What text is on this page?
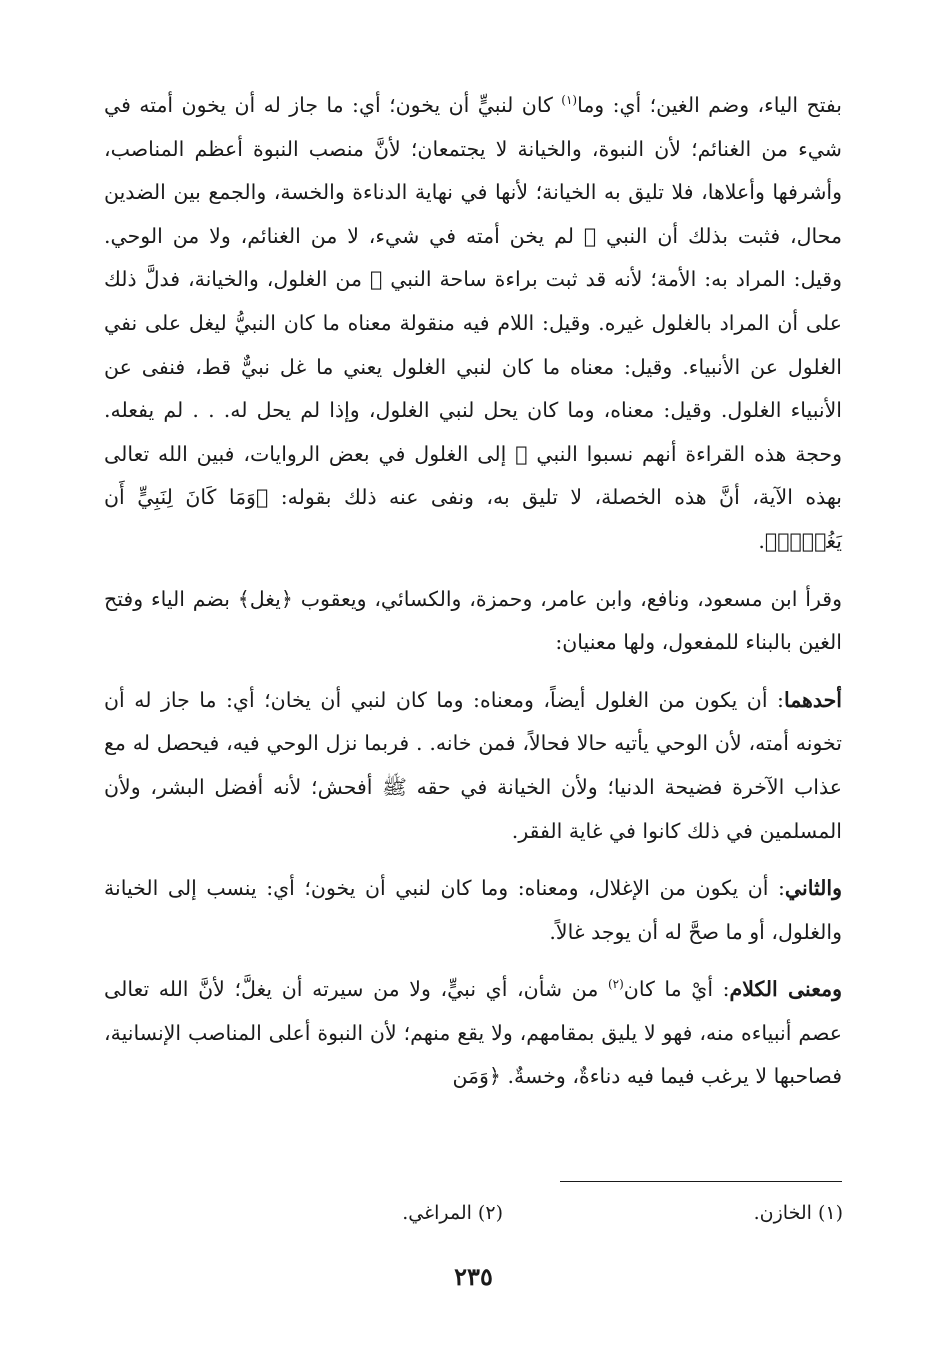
بفتح الياء، وضم الغين؛ أي: وما$^{(١)}$ كان لنبيٍّ أن يخون؛ أي: ما جاز له أن يخون أمته في شيء من الغنائم؛ لأن النبوة، والخيانة لا يجتمعان؛ لأنَّ منصب النبوة أعظم المناصب، وأشرفها وأعلاها، فلا تليق به الخيانة؛ لأنها في نهاية الدناءة والخسة، والجمع بين الضدين محال، فثبت بذلك أن النبي ﷺ لم يخن أمته في شيء، لا من الغنائم، ولا من الوحي. وقيل: المراد به: الأمة؛ لأنه قد ثبت براءة ساحة النبي ﷺ من الغلول، والخيانة، فدلَّ ذلك على أن المراد بالغلول غيره. وقيل: اللام فيه منقولة معناه ما كان النبيُّ ليغل على نفي الغلول عن الأنبياء. وقيل: معناه ما كان لنبي الغلول يعني ما غل نبيٌّ قط، فنفى عن الأنبياء الغلول. وقيل: معناه، وما كان يحل لنبي الغلول، وإذا لم يحل له. . . لم يفعله. وحجة هذه القراءة أنهم نسبوا النبي ﷺ إلى الغلول في بعض الروايات، فبين الله تعالى بهذه الآية، أنَّ هذه الخصلة، لا تليق به، ونفى عنه ذلك بقوله: ﴿وَمَا كَانَ لِنَبِيٍّ أَن يَغُلَّۚ﴾.

وقرأ ابن مسعود، ونافع، وابن عامر، وحمزة، والكسائي، ويعقوب ﴿يغل﴾ بضم الياء وفتح الغين بالبناء للمفعول، ولها معنيان:

أحدهما: أن يكون من الغلول أيضاً، ومعناه: وما كان لنبي أن يخان؛ أي: ما جاز له أن تخونه أمته، لأن الوحي يأتيه حالا فحالاً، فمن خانه. . فربما نزل الوحي فيه، فيحصل له مع عذاب الآخرة فضيحة الدنيا؛ ولأن الخيانة في حقه ﷺ أفحش؛ لأنه أفضل البشر، ولأن المسلمين في ذلك كانوا في غاية الفقر.

والثاني: أن يكون من الإغلال، ومعناه: وما كان لنبي أن يخون؛ أي: ينسب إلى الخيانة والغلول، أو ما صحَّ له أن يوجد غالاً.

ومعنى الكلام: أيْ ما كان$^{(٢)}$ من شأن، أي نبيٍّ، ولا من سيرته أن يغلَّ؛ لأنَّ الله تعالى عصم أنبياءه منه، فهو لا يليق بمقامهم، ولا يقع منهم؛ لأن النبوة أعلى المناصب الإنسانية، فصاحبها لا يرغب فيما فيه دناءةٌ، وخسةٌ. ﴿وَمَن

(١) الخازن.
(٢) المراغي.
٢٣٥
